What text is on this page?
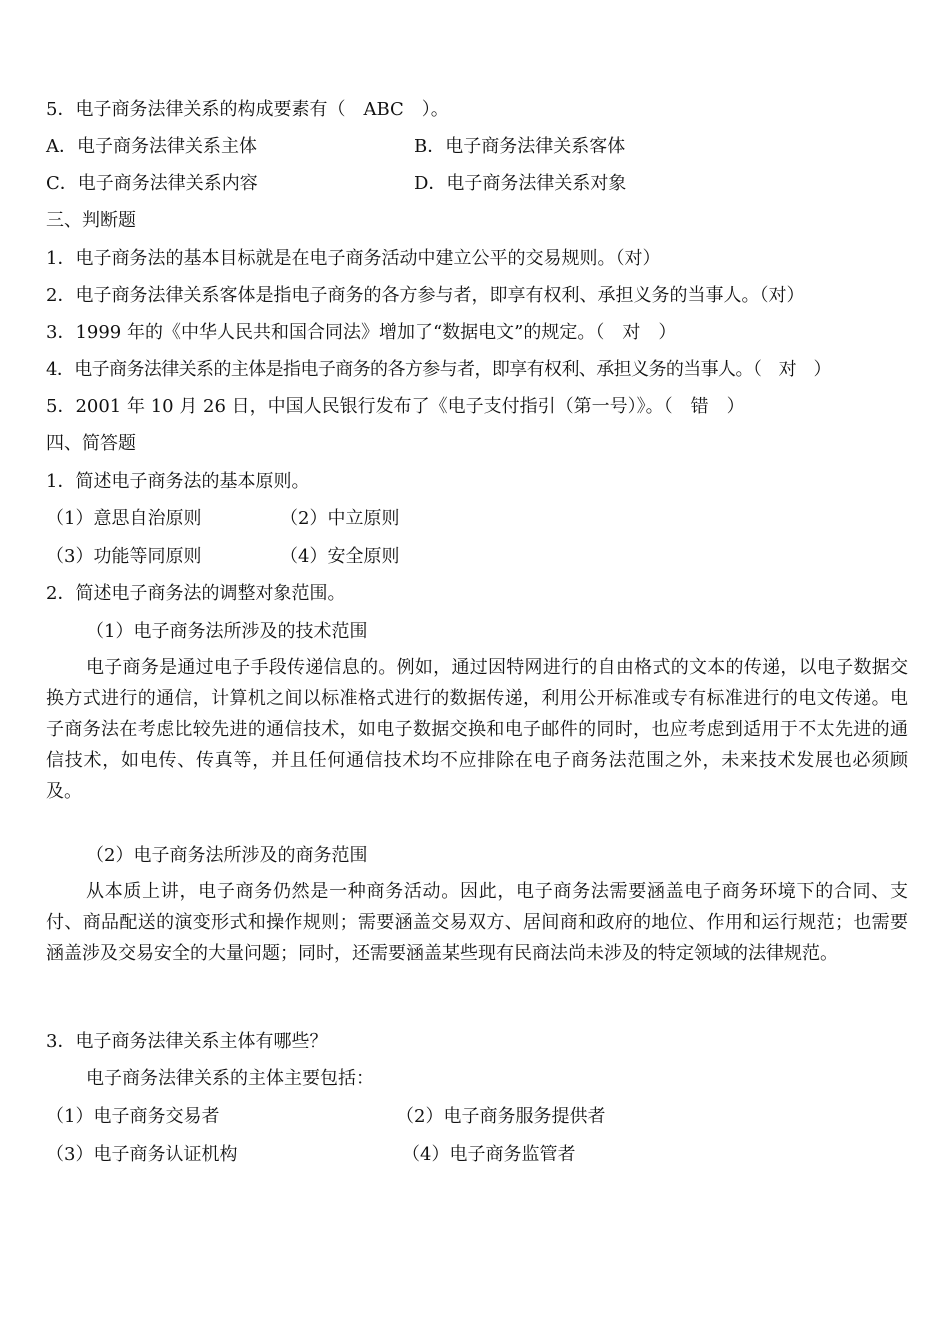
5．电子商务法律关系的构成要素有（　ABC　）。
A．电子商务法律关系主体	B．电子商务法律关系客体
C．电子商务法律关系内容	D．电子商务法律关系对象
三、判断题
1．电子商务法的基本目标就是在电子商务活动中建立公平的交易规则。（对）
2．电子商务法律关系客体是指电子商务的各方参与者，即享有权利、承担义务的当事人。（对）
3．1999 年的《中华人民共和国合同法》增加了“数据电文”的规定。（　对　）
4．电子商务法律关系的主体是指电子商务的各方参与者，即享有权利、承担义务的当事人。（　对　）
5．2001 年 10 月 26 日，中国人民银行发布了《电子支付指引（第一号）》。（　错　）
四、简答题
1．简述电子商务法的基本原则。
（1）意思自治原则	（2）中立原则
（3）功能等同原则	（4）安全原则
2．简述电子商务法的调整对象范围。
（1）电子商务法所涉及的技术范围
电子商务是通过电子手段传递信息的。例如，通过因特网进行的自由格式的文本的传递，以电子数据交换方式进行的通信，计算机之间以标准格式进行的数据传递，利用公开标准或专有标准进行的电文传递。电子商务法在考虑比较先进的通信技术，如电子数据交换和电子邮件的同时，也应考虑到适用于不太先进的通信技术，如电传、传真等，并且任何通信技术均不应排除在电子商务法范围之外，未来技术发展也必须顾及。
（2）电子商务法所涉及的商务范围
从本质上讲，电子商务仍然是一种商务活动。因此，电子商务法需要涵盖电子商务环境下的合同、支付、商品配送的演变形式和操作规则；需要涵盖交易双方、居间商和政府的地位、作用和运行规范；也需要涵盖涉及交易安全的大量问题；同时，还需要涵盖某些现有民商法尚未涉及的特定领域的法律规范。
3．电子商务法律关系主体有哪些？
电子商务法律关系的主体主要包括：
（1）电子商务交易者	（2）电子商务服务提供者
（3）电子商务认证机构	（4）电子商务监管者
